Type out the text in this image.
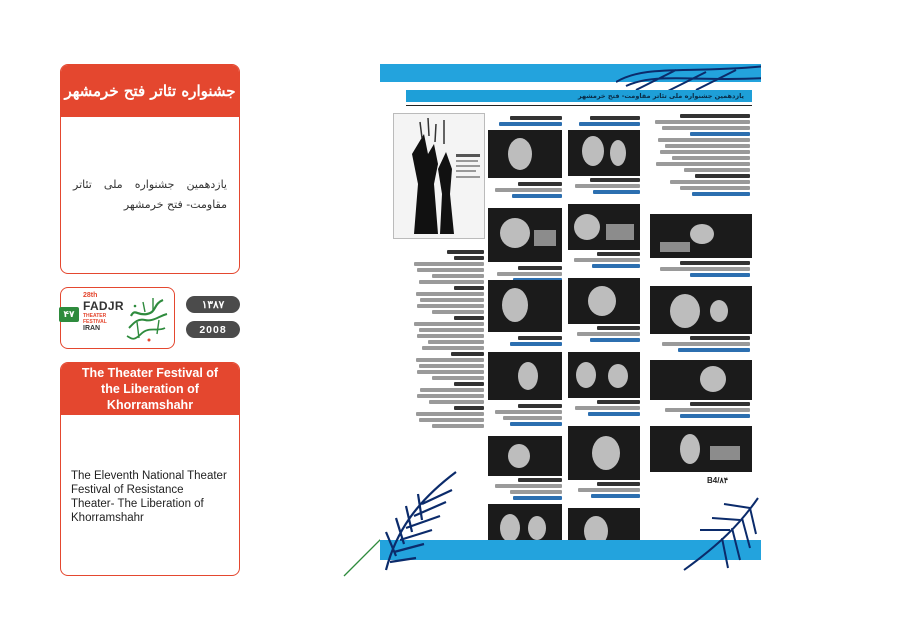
جشنواره تئاتر فتح خرمشهر
یازدهمین جشنواره ملی تئاتر مقاومت- فتح خرمشهر
۴۷
28th
FADJR
THEATER FESTIVAL
IRAN
۱۳۸۷
2008
The Theater Festival of
the Liberation of Khorramshahr
The Eleventh National Theater Festival of Resistance Theater- The Liberation of Khorramshahr
یازدهمین جشنواره ملی تئاتر مقاومت- فتح خرمشهر
B4/۸۴
